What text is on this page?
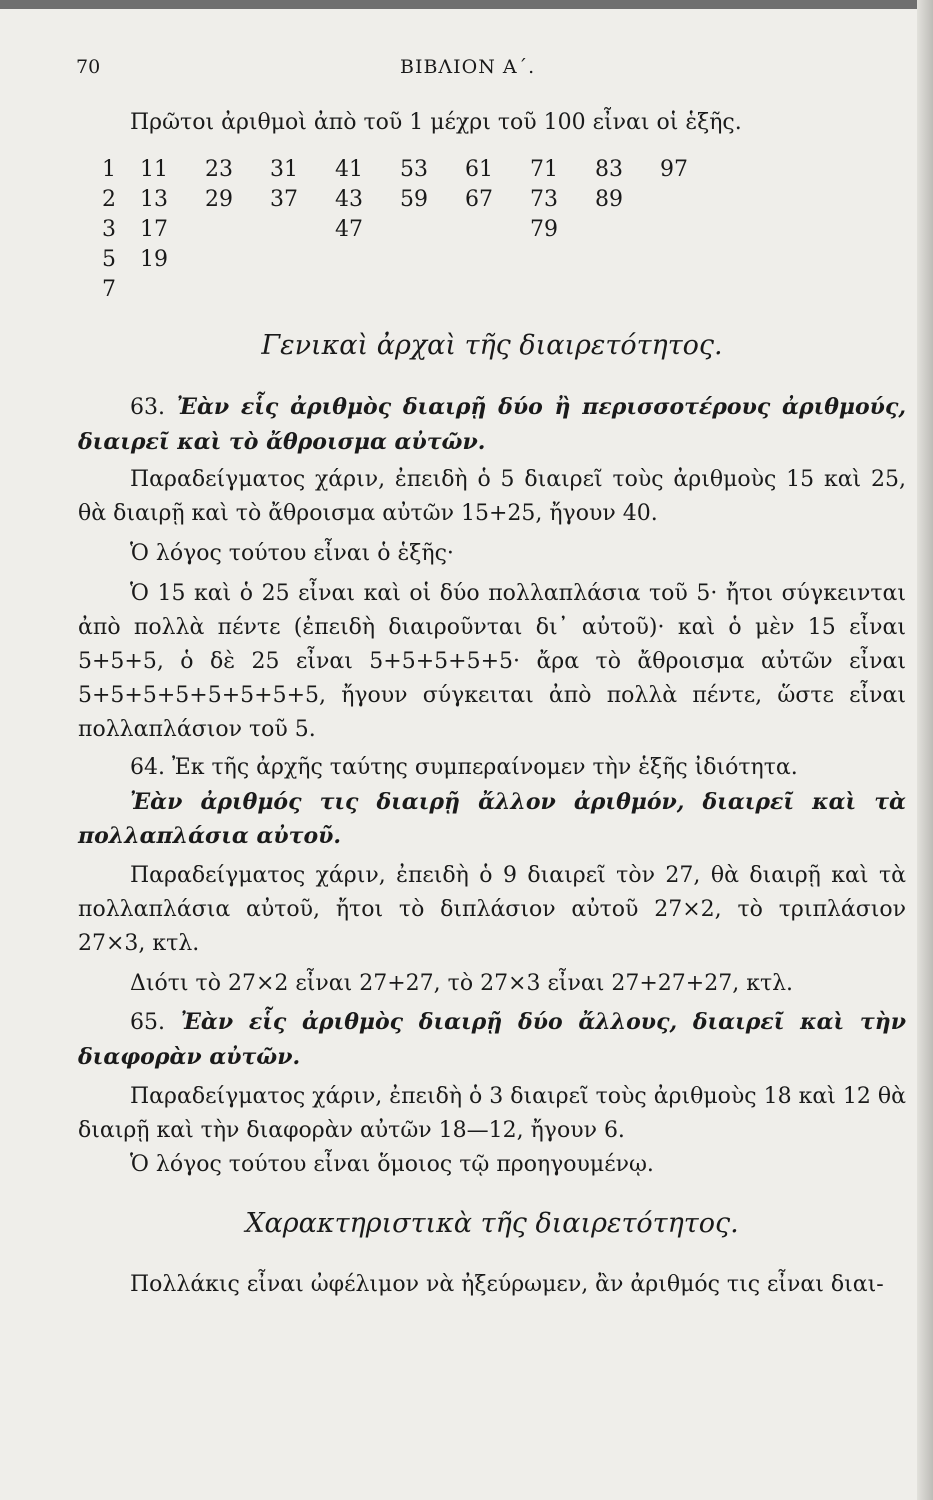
70	ΒΙΒΛΙΟΝ Α΄.

Πρῶτοι ἀριθμοὶ ἀπὸ τοῦ 1 μέχρι τοῦ 100 εἶναι οἱ ἑξῆς.

1	11	23	31	41	53	61	71	83	97
2	13	29	37	43	59	67	73	89	
3	17			47			79		
5	19								
7									
Γενικαὶ ἀρχαὶ τῆς διαιρετότητος.

63. Ἐὰν εἷς ἀριθμὸς διαιρῇ δύο ἢ περισσοτέρους ἀριθμούς, διαιρεῖ καὶ τὸ ἄθροισμα αὐτῶν.

Παραδείγματος χάριν, ἐπειδὴ ὁ 5 διαιρεῖ τοὺς ἀριθμοὺς 15 καὶ 25, θὰ διαιρῇ καὶ τὸ ἄθροισμα αὐτῶν 15+25, ἤγουν 40.

Ὁ λόγος τούτου εἶναι ὁ ἑξῆς·

Ὁ 15 καὶ ὁ 25 εἶναι καὶ οἱ δύο πολλαπλάσια τοῦ 5· ἤτοι σύγκεινται ἀπὸ πολλὰ πέντε (ἐπειδὴ διαιροῦνται δι᾽ αὐτοῦ)· καὶ ὁ μὲν 15 εἶναι 5+5+5, ὁ δὲ 25 εἶναι 5+5+5+5+5· ἄρα τὸ ἄθροισμα αὐτῶν εἶναι 5+5+5+5+5+5+5+5, ἤγουν σύγκειται ἀπὸ πολλὰ πέντε, ὥστε εἶναι πολλαπλάσιον τοῦ 5.

64. Ἐκ τῆς ἀρχῆς ταύτης συμπεραίνομεν τὴν ἑξῆς ἰδιότητα.

Ἐὰν ἀριθμός τις διαιρῇ ἄλλον ἀριθμόν, διαιρεῖ καὶ τὰ πολλαπλάσια αὐτοῦ.

Παραδείγματος χάριν, ἐπειδὴ ὁ 9 διαιρεῖ τὸν 27, θὰ διαιρῇ καὶ τὰ πολλαπλάσια αὐτοῦ, ἤτοι τὸ διπλάσιον αὐτοῦ 27×2, τὸ τριπλάσιον 27×3, κτλ.

Διότι τὸ 27×2 εἶναι 27+27, τὸ 27×3 εἶναι 27+27+27, κτλ.

65. Ἐὰν εἷς ἀριθμὸς διαιρῇ δύο ἄλλους, διαιρεῖ καὶ τὴν διαφορὰν αὐτῶν.

Παραδείγματος χάριν, ἐπειδὴ ὁ 3 διαιρεῖ τοὺς ἀριθμοὺς 18 καὶ 12 θὰ διαιρῇ καὶ τὴν διαφορὰν αὐτῶν 18—12, ἤγουν 6.

Ὁ λόγος τούτου εἶναι ὅμοιος τῷ προηγουμένῳ.

Χαρακτηριστικὰ τῆς διαιρετότητος.

Πολλάκις εἶναι ὠφέλιμον νὰ ἠξεύρωμεν, ἂν ἀριθμός τις εἶναι διαι-
